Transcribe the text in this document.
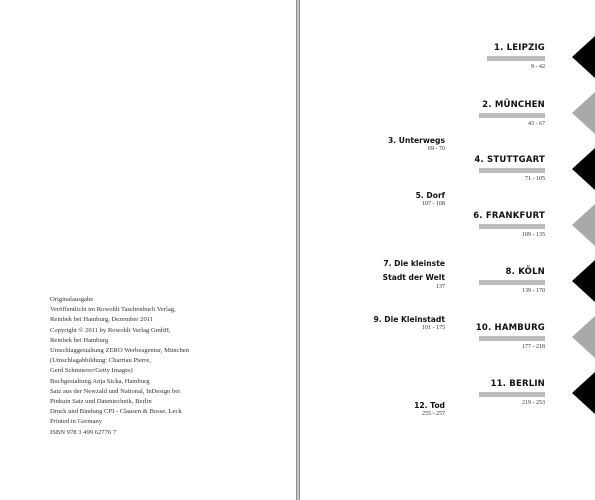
Originalausgabe
Veröffentlicht im Rowohlt Taschenbuch Verlag,
Reinbek bei Hamburg, Dezember 2011
Copyright © 2011 by Rowohlt Verlag GmbH,
Reinbek bei Hamburg
Umschlaggestaltung ZERO Werbeagentur, München
(Umschlagabbildung: Charriau Pierre,
Gerd Schmuerer/Getty Images)
Buchgestaltung Anja Sicka, Hamburg
Satz aus der Newzald und National, InDesign bei
Pinkuin Satz und Datentechnik, Berlin
Druck und Bindung CPI - Clausen & Bosse, Leck
Printed in Germany
ISBN 978 3 499 62776 7
1. LEIPZIG
9 - 42
2. MÜNCHEN
43 - 67
3. Unterwegs
69 - 70
4. STUTTGART
71 - 105
5. Dorf
107 - 108
6. FRANKFURT
109 - 135
7. Die kleinste
Stadt der Welt
137
8. KÖLN
139 - 170
9. Die Kleinstadt
101 - 175	10. HAMBURG
177 - 218
11. BERLIN
219 - 253
12. Tod
255 - 257
